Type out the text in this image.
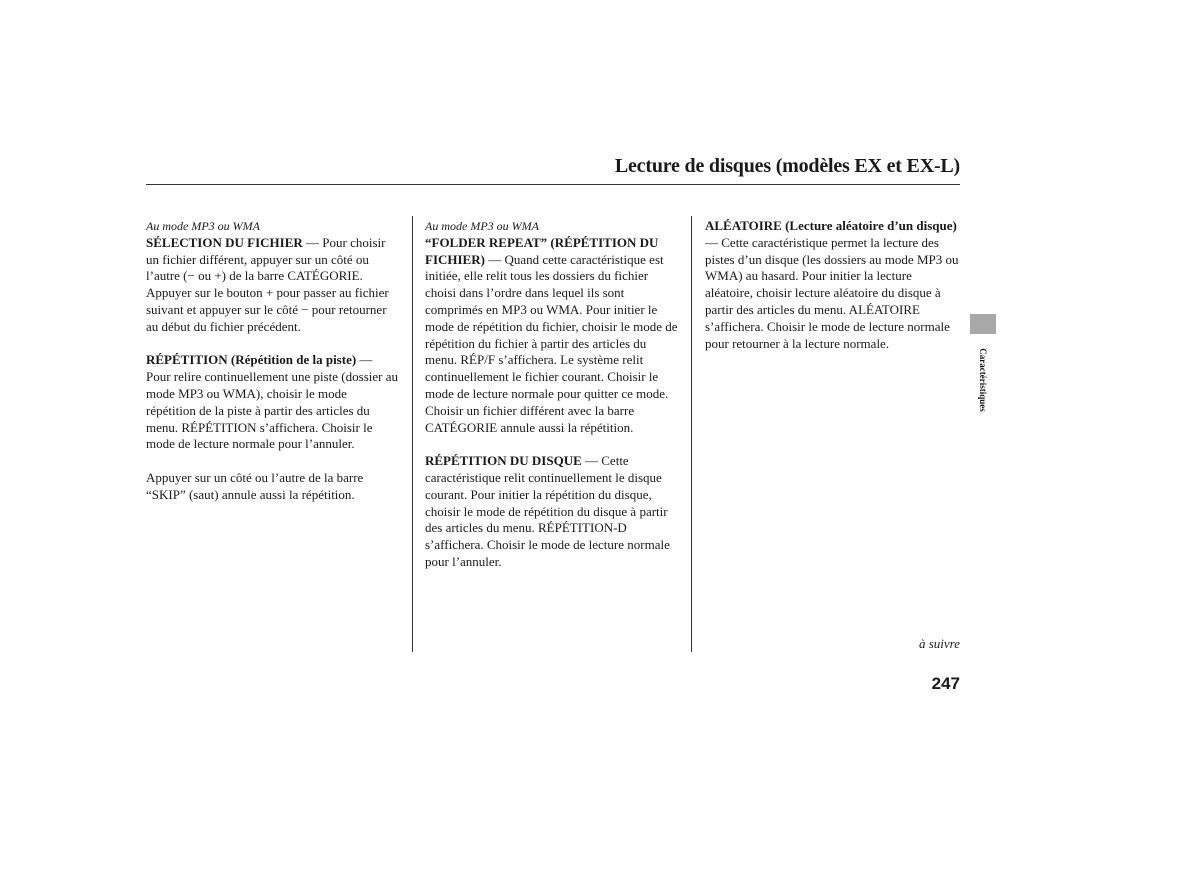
Lecture de disques (modèles EX et EX-L)
Au mode MP3 ou WMA

SÉLECTION DU FICHIER — Pour choisir un fichier différent, appuyer sur un côté ou l’autre (− ou +) de la barre CATÉGORIE. Appuyer sur le bouton + pour passer au fichier suivant et appuyer sur le côté − pour retourner au début du fichier précédent.

RÉPÉTITION (Répétition de la piste) — Pour relire continuellement une piste (dossier au mode MP3 ou WMA), choisir le mode répétition de la piste à partir des articles du menu. RÉPÉTITION s’affichera. Choisir le mode de lecture normale pour l’annuler.

Appuyer sur un côté ou l’autre de la barre “SKIP” (saut) annule aussi la répétition.

Au mode MP3 ou WMA

“FOLDER REPEAT” (RÉPÉTITION DU FICHIER) — Quand cette caractéristique est initiée, elle relit tous les dossiers du fichier choisi dans l’ordre dans lequel ils sont comprimés en MP3 ou WMA. Pour initier le mode de répétition du fichier, choisir le mode de répétition du fichier à partir des articles du menu. RÉP/F s’affichera. Le système relit continuellement le fichier courant. Choisir le mode de lecture normale pour quitter ce mode. Choisir un fichier différent avec la barre CATÉGORIE annule aussi la répétition.

RÉPÉTITION DU DISQUE — Cette caractéristique relit continuellement le disque courant. Pour initier la répétition du disque, choisir le mode de répétition du disque à partir des articles du menu. RÉPÉTITION-D s’affichera. Choisir le mode de lecture normale pour l’annuler.

ALÉATOIRE (Lecture aléatoire d’un disque) — Cette caractéristique permet la lecture des pistes d’un disque (les dossiers au mode MP3 ou WMA) au hasard. Pour initier la lecture aléatoire, choisir lecture aléatoire du disque à partir des articles du menu. ALÉATOIRE s’affichera. Choisir le mode de lecture normale pour retourner à la lecture normale.

Caractéristiques
à suivre
247
